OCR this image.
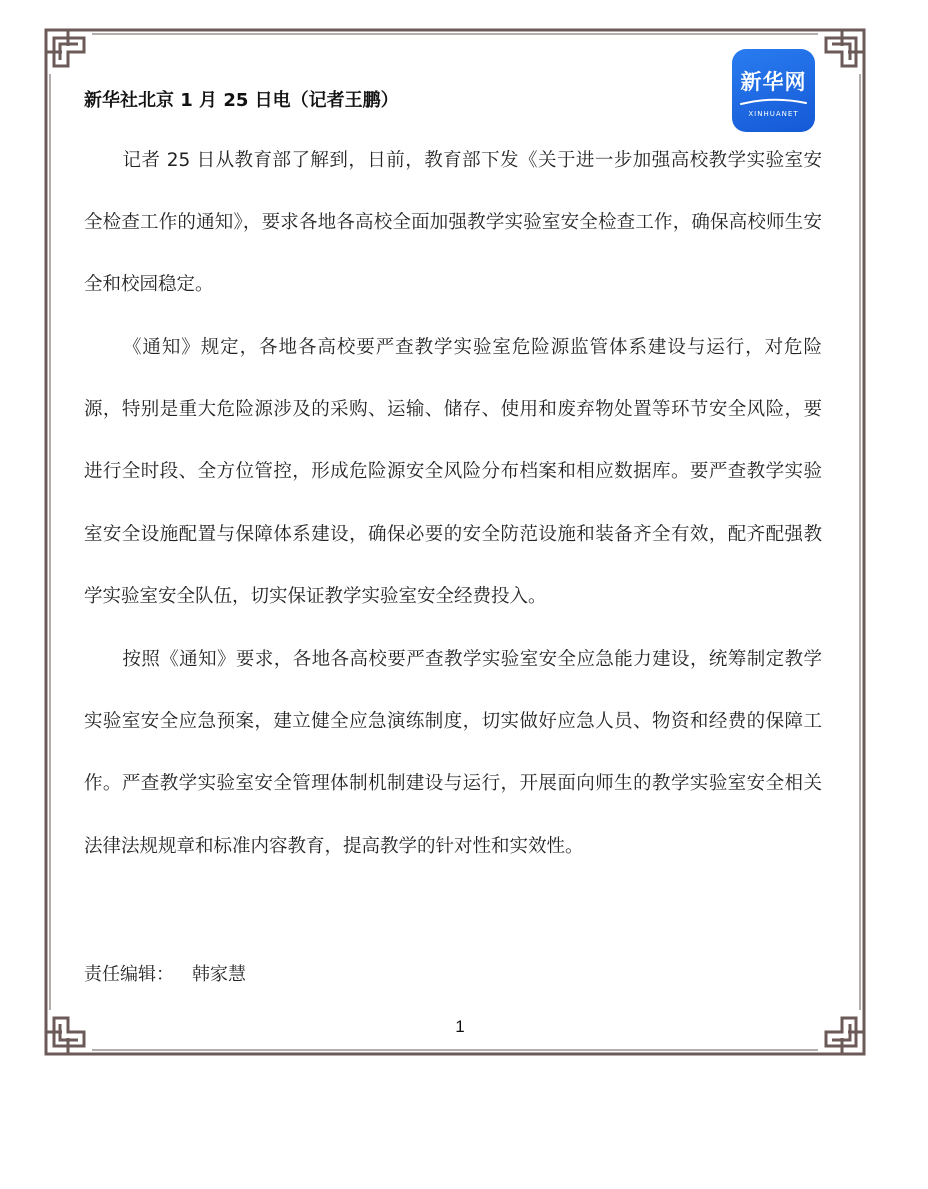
新华网
XINHUANET
新华社北京 1 月 25 日电（记者王鹏）

记者 25 日从教育部了解到，日前，教育部下发《关于进一步加强高校教学实验室安全检查工作的通知》，要求各地各高校全面加强教学实验室安全检查工作，确保高校师生安全和校园稳定。

《通知》规定，各地各高校要严查教学实验室危险源监管体系建设与运行，对危险源，特别是重大危险源涉及的采购、运输、储存、使用和废弃物处置等环节安全风险，要进行全时段、全方位管控，形成危险源安全风险分布档案和相应数据库。要严查教学实验室安全设施配置与保障体系建设，确保必要的安全防范设施和装备齐全有效，配齐配强教学实验室安全队伍，切实保证教学实验室安全经费投入。

按照《通知》要求，各地各高校要严查教学实验室安全应急能力建设，统筹制定教学实验室安全应急预案，建立健全应急演练制度，切实做好应急人员、物资和经费的保障工作。严查教学实验室安全管理体制机制建设与运行，开展面向师生的教学实验室安全相关法律法规规章和标准内容教育，提高教学的针对性和实效性。

责任编辑： 韩家慧
1
